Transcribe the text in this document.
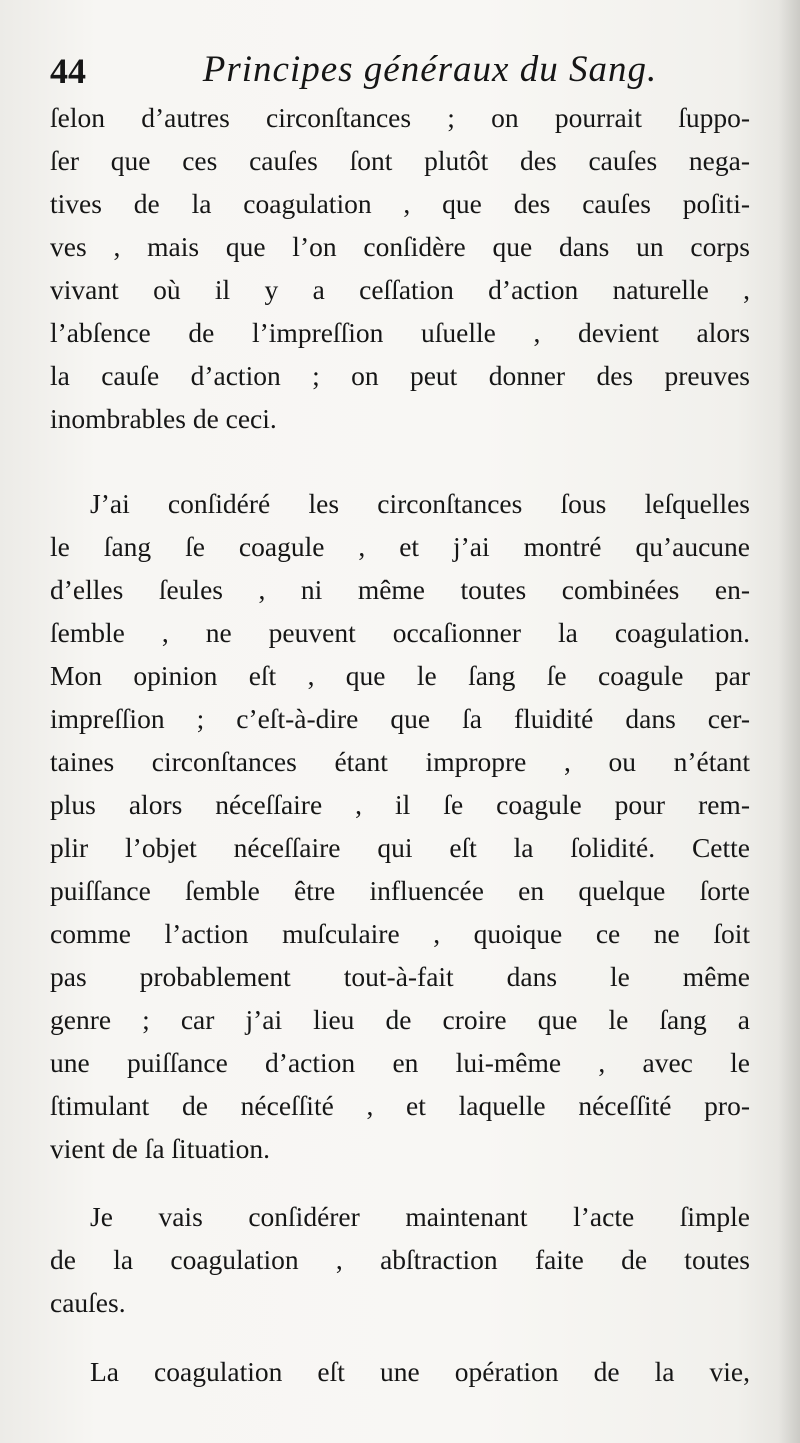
44	Principes généraux du Sang.
ſelon d’autres circonſtances ; on pourrait ſuppo-
ſer que ces cauſes ſont plutôt des cauſes nega-
tives de la coagulation , que des cauſes poſiti-
ves , mais que l’on conſidère que dans un corps
vivant où il y a ceſſation d’action naturelle ,
l’abſence de l’impreſſion uſuelle , devient alors
la cauſe d’action ; on peut donner des preuves
inombrables de ceci.
J’ai conſidéré les circonſtances ſous leſquelles
le ſang ſe coagule , et j’ai montré qu’aucune
d’elles ſeules , ni même toutes combinées en-
ſemble , ne peuvent occaſionner la coagulation.
Mon opinion eſt , que le ſang ſe coagule par
impreſſion ; c’eſt-à-dire que ſa fluidité dans cer-
taines circonſtances étant impropre , ou n’étant
plus alors néceſſaire , il ſe coagule pour rem-
plir l’objet néceſſaire qui eſt la ſolidité. Cette
puiſſance ſemble être influencée en quelque ſorte
comme l’action muſculaire , quoique ce ne ſoit
pas probablement tout-à-fait dans le même
genre ; car j’ai lieu de croire que le ſang a
une puiſſance d’action en lui-même , avec le
ſtimulant de néceſſité , et laquelle néceſſité pro-
vient de ſa ſituation.
Je vais conſidérer maintenant l’acte ſimple
de la coagulation , abſtraction faite de toutes
cauſes.
La coagulation eſt une opération de la vie,
